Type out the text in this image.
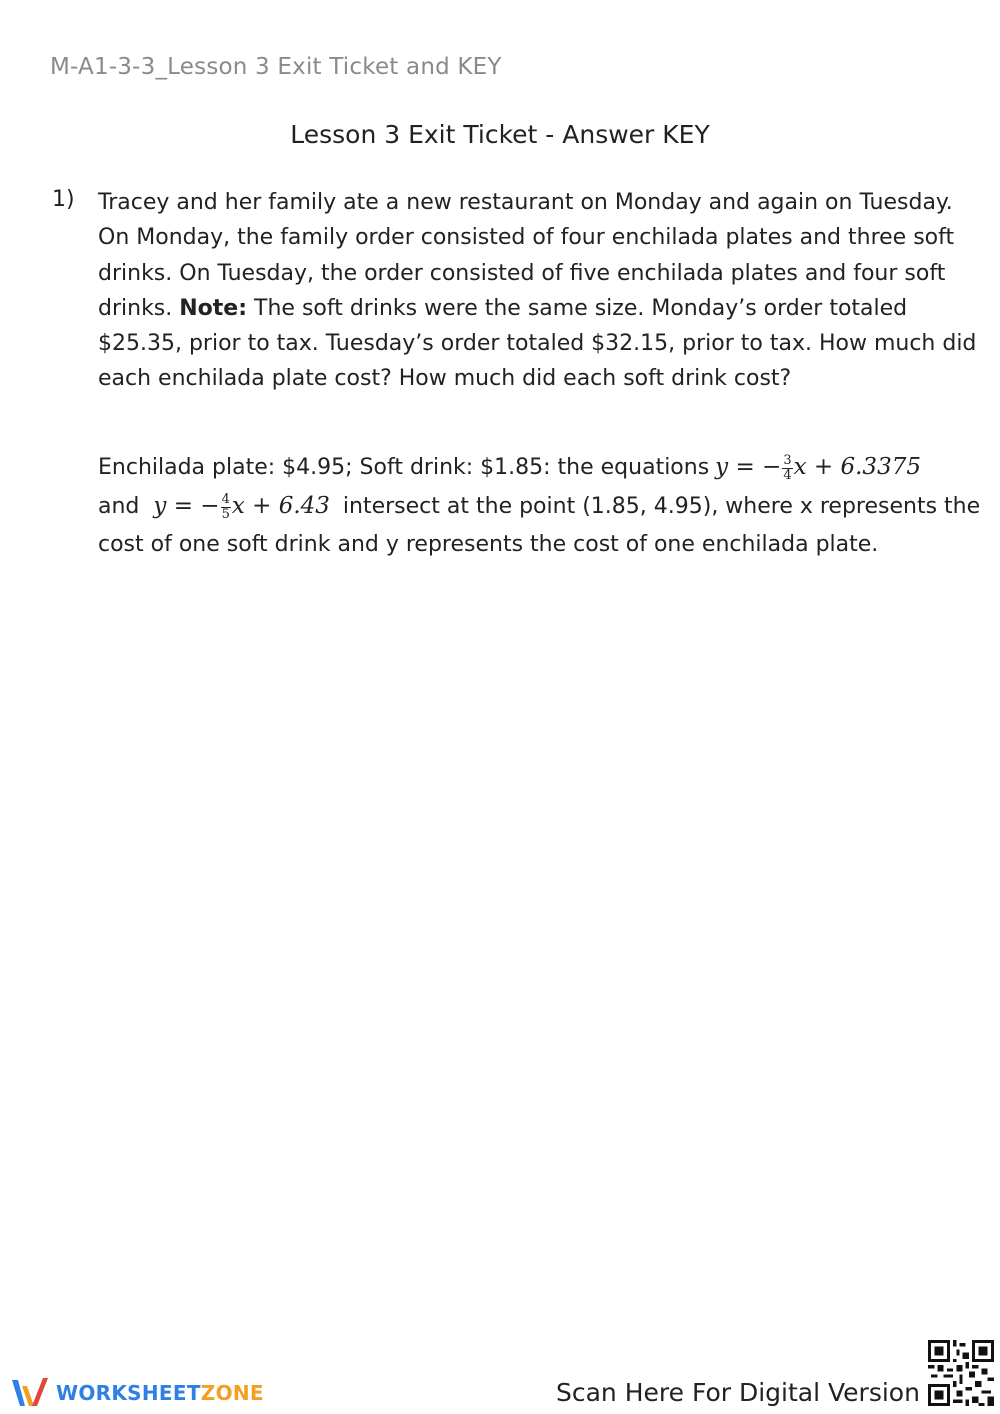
M-A1-3-3_Lesson 3 Exit Ticket and KEY
Lesson 3 Exit Ticket - Answer KEY
1) Tracey and her family ate a new restaurant on Monday and again on Tuesday. On Monday, the family order consisted of four enchilada plates and three soft drinks. On Tuesday, the order consisted of five enchilada plates and four soft drinks. Note: The soft drinks were the same size. Monday’s order totaled $25.35, prior to tax. Tuesday’s order totaled $32.15, prior to tax. How much did each enchilada plate cost? How much did each soft drink cost?
Enchilada plate: $4.95; Soft drink: $1.85: the equations y = − $\frac{3}{4}$ x + 6.3375
and y = − $\frac{4}{5}$ x + 6.43 intersect at the point (1.85, 4.95), where x represents the cost of one soft drink and y represents the cost of one enchilada plate.
WORKSHEETZONE	Scan Here For Digital Version
